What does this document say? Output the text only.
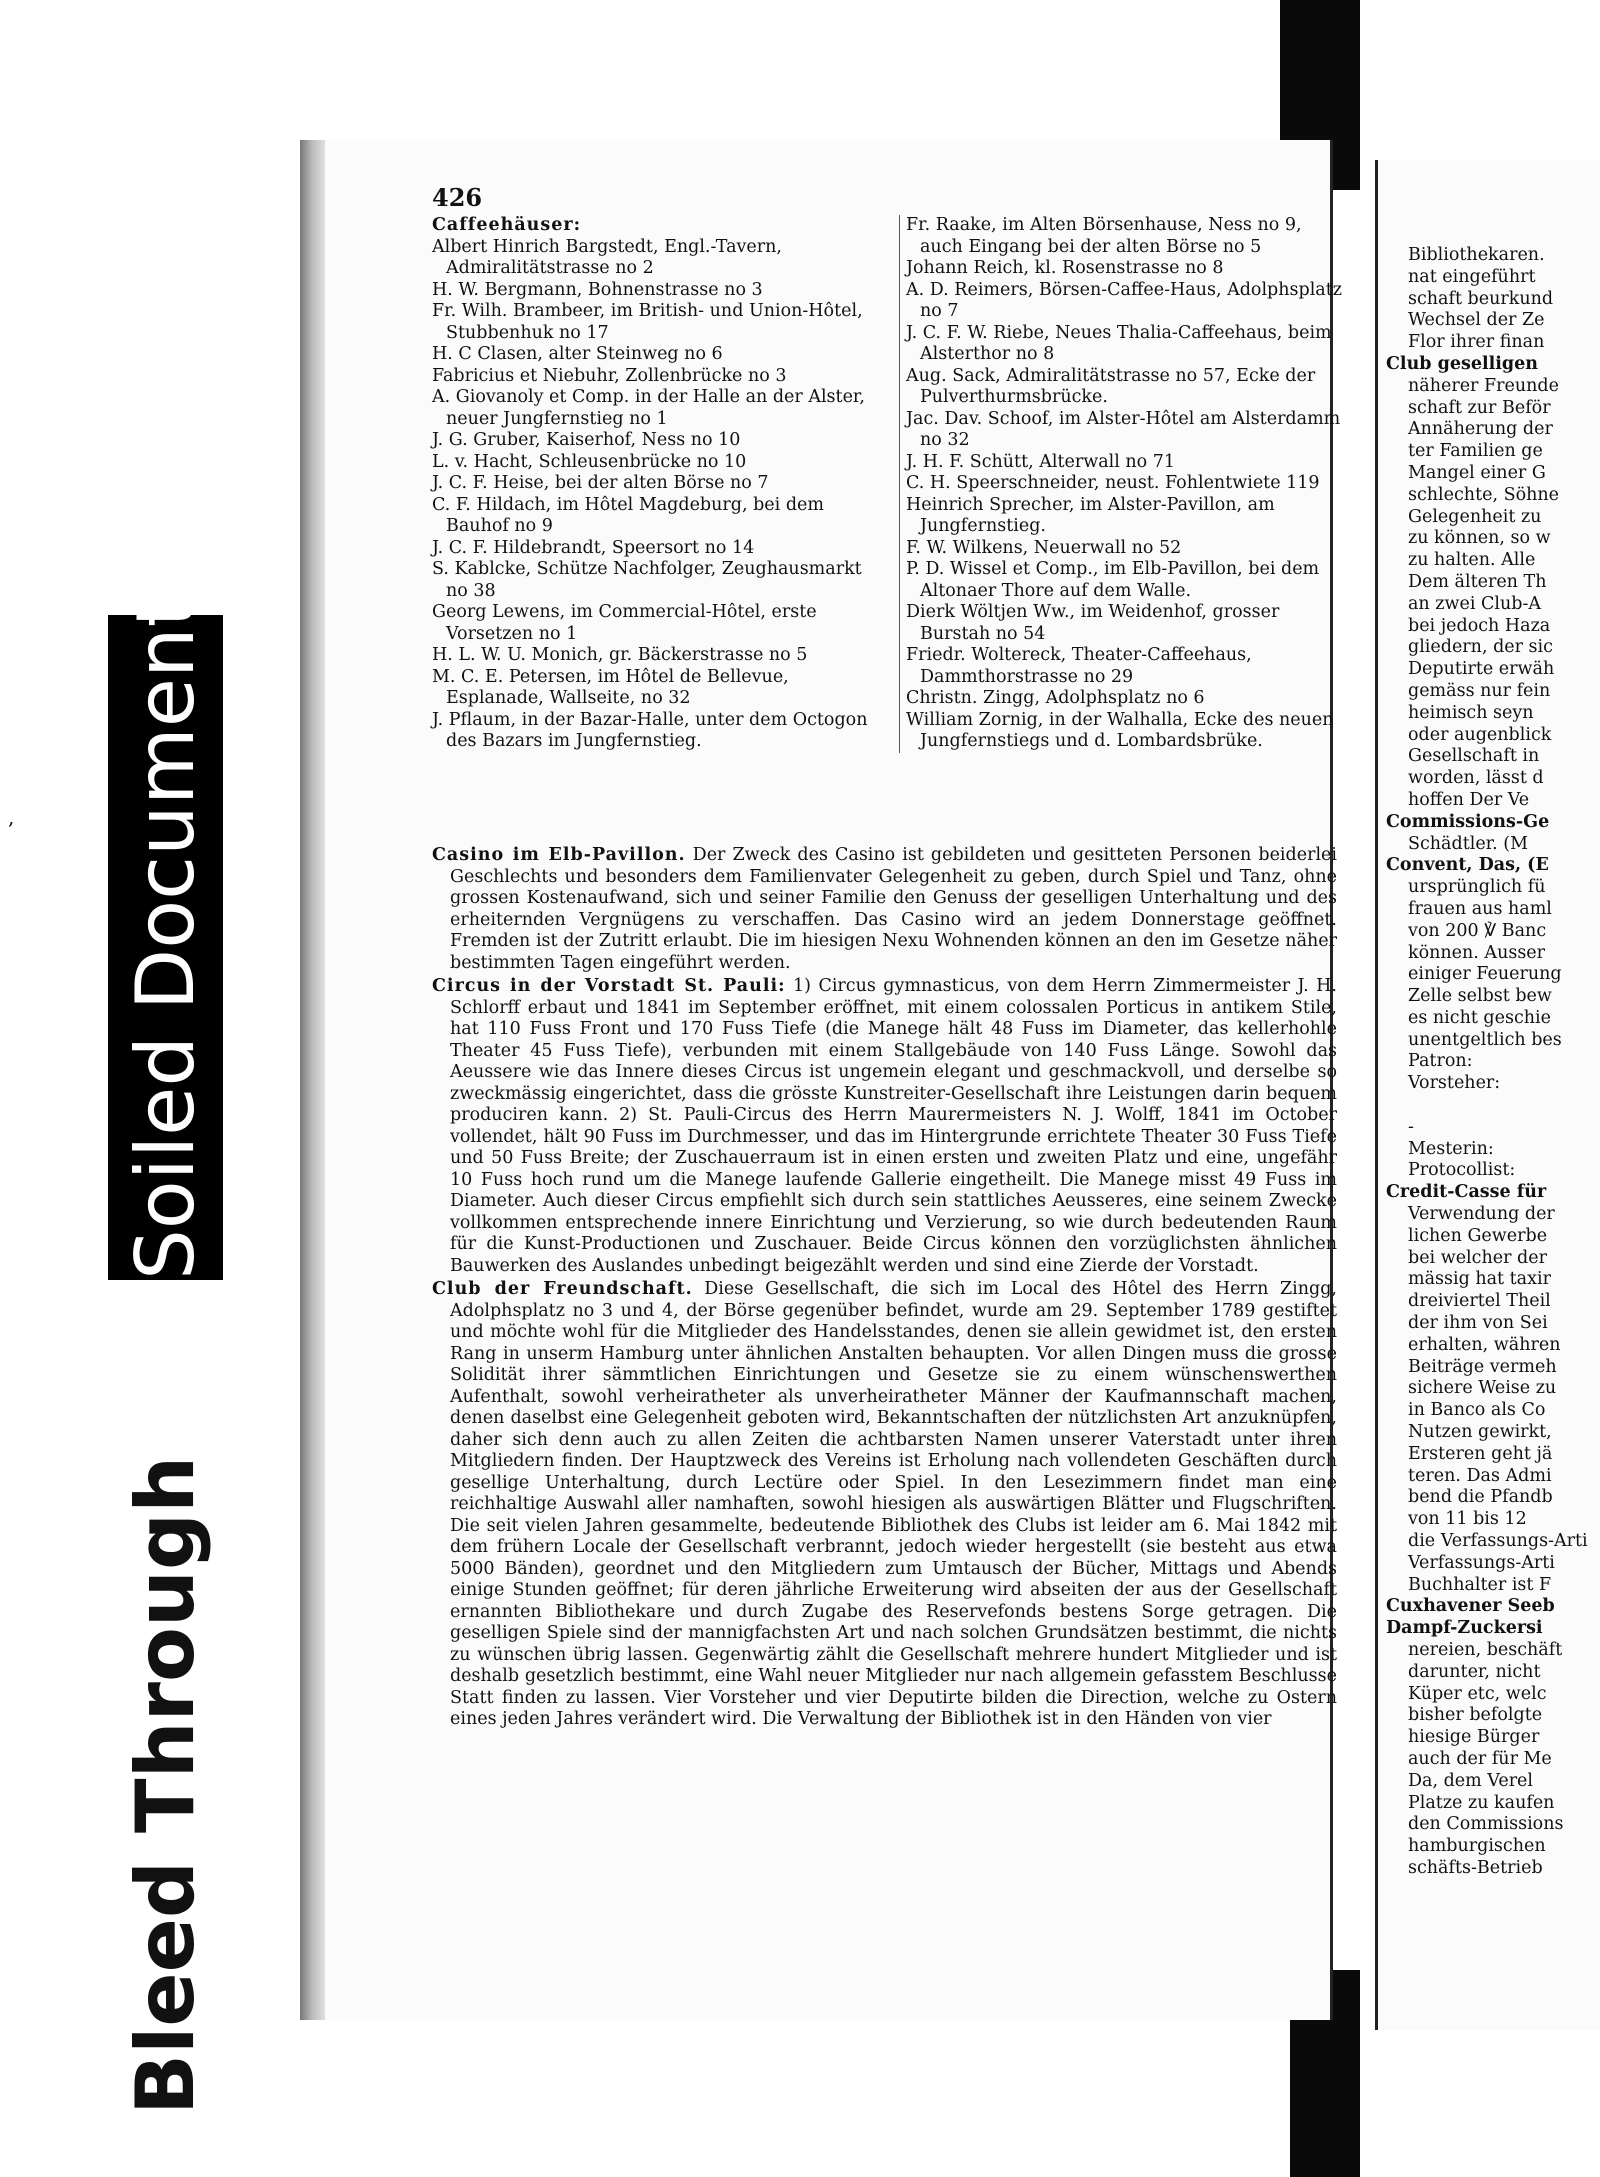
Bleed Through
Soiled Document
426
Caffeehäuser:
Albert Hinrich Bargstedt, Engl.-Tavern, Admiralitätstrasse no 2
H. W. Bergmann, Bohnenstrasse no 3
Fr. Wilh. Brambeer, im British- und Union-Hôtel, Stubbenhuk no 17
H. C Clasen, alter Steinweg no 6
Fabricius et Niebuhr, Zollenbrücke no 3
A. Giovanoly et Comp. in der Halle an der Alster, neuer Jungfernstieg no 1
J. G. Gruber, Kaiserhof, Ness no 10
L. v. Hacht, Schleusenbrücke no 10
J. C. F. Heise, bei der alten Börse no 7
C. F. Hildach, im Hôtel Magdeburg, bei dem Bauhof no 9
J. C. F. Hildebrandt, Speersort no 14
S. Kablcke, Schütze Nachfolger, Zeughausmarkt no 38
Georg Lewens, im Commercial-Hôtel, erste Vorsetzen no 1
H. L. W. U. Monich, gr. Bäckerstrasse no 5
M. C. E. Petersen, im Hôtel de Bellevue, Esplanade, Wallseite, no 32
J. Pflaum, in der Bazar-Halle, unter dem Octogon des Bazars im Jungfernstieg.
Fr. Raake, im Alten Börsenhause, Ness no 9, auch Eingang bei der alten Börse no 5
Johann Reich, kl. Rosenstrasse no 8
A. D. Reimers, Börsen-Caffee-Haus, Adolphsplatz no 7
J. C. F. W. Riebe, Neues Thalia-Caffeehaus, beim Alsterthor no 8
Aug. Sack, Admiralitätstrasse no 57, Ecke der Pulverthurmsbrücke.
Jac. Dav. Schoof, im Alster-Hôtel am Alsterdamm no 32
J. H. F. Schütt, Alterwall no 71
C. H. Speerschneider, neust. Fohlentwiete 119
Heinrich Sprecher, im Alster-Pavillon, am Jungfernstieg.
F. W. Wilkens, Neuerwall no 52
P. D. Wissel et Comp., im Elb-Pavillon, bei dem Altonaer Thore auf dem Walle.
Dierk Wöltjen Ww., im Weidenhof, grosser Burstah no 54
Friedr. Woltereck, Theater-Caffeehaus, Dammthorstrasse no 29
Christn. Zingg, Adolphsplatz no 6
William Zornig, in der Walhalla, Ecke des neuen Jungfernstiegs und d. Lombardsbrüke.
Casino im Elb-Pavillon. Der Zweck des Casino ist gebildeten und gesitteten Personen beiderlei Geschlechts und besonders dem Familienvater Gelegenheit zu geben, durch Spiel und Tanz, ohne grossen Kostenaufwand, sich und seiner Familie den Genuss der geselligen Unterhaltung und des erheiternden Vergnügens zu verschaffen. Das Casino wird an jedem Donnerstage geöffnet. Fremden ist der Zutritt erlaubt. Die im hiesigen Nexu Wohnenden können an den im Gesetze näher bestimmten Tagen eingeführt werden.
Circus in der Vorstadt St. Pauli: 1) Circus gymnasticus, von dem Herrn Zimmermeister J. H. Schlorff erbaut und 1841 im September eröffnet, mit einem colossalen Porticus in antikem Stile, hat 110 Fuss Front und 170 Fuss Tiefe (die Manege hält 48 Fuss im Diameter, das kellerhohle Theater 45 Fuss Tiefe), verbunden mit einem Stallgebäude von 140 Fuss Länge. Sowohl das Aeussere wie das Innere dieses Circus ist ungemein elegant und geschmackvoll, und derselbe so zweckmässig eingerichtet, dass die grösste Kunstreiter-Gesellschaft ihre Leistungen darin bequem produciren kann. 2) St. Pauli-Circus des Herrn Maurermeisters N. J. Wolff, 1841 im October vollendet, hält 90 Fuss im Durchmesser, und das im Hintergrunde errichtete Theater 30 Fuss Tiefe und 50 Fuss Breite; der Zuschauerraum ist in einen ersten und zweiten Platz und eine, ungefähr 10 Fuss hoch rund um die Manege laufende Gallerie eingetheilt. Die Manege misst 49 Fuss im Diameter. Auch dieser Circus empfiehlt sich durch sein stattliches Aeusseres, eine seinem Zwecke vollkommen entsprechende innere Einrichtung und Verzierung, so wie durch bedeutenden Raum für die Kunst-Productionen und Zuschauer. Beide Circus können den vorzüglichsten ähnlichen Bauwerken des Auslandes unbedingt beigezählt werden und sind eine Zierde der Vorstadt.
Club der Freundschaft. Diese Gesellschaft, die sich im Local des Hôtel des Herrn Zingg, Adolphsplatz no 3 und 4, der Börse gegenüber befindet, wurde am 29. September 1789 gestiftet und möchte wohl für die Mitglieder des Handelsstandes, denen sie allein gewidmet ist, den ersten Rang in unserm Hamburg unter ähnlichen Anstalten behaupten. Vor allen Dingen muss die grosse Solidität ihrer sämmtlichen Einrichtungen und Gesetze sie zu einem wünschenswerthen Aufenthalt, sowohl verheiratheter als unverheiratheter Männer der Kaufmannschaft machen, denen daselbst eine Gelegenheit geboten wird, Bekanntschaften der nützlichsten Art anzuknüpfen, daher sich denn auch zu allen Zeiten die achtbarsten Namen unserer Vaterstadt unter ihren Mitgliedern finden. Der Hauptzweck des Vereins ist Erholung nach vollendeten Geschäften durch gesellige Unterhaltung, durch Lectüre oder Spiel. In den Lesezimmern findet man eine reichhaltige Auswahl aller namhaften, sowohl hiesigen als auswärtigen Blätter und Flugschriften. Die seit vielen Jahren gesammelte, bedeutende Bibliothek des Clubs ist leider am 6. Mai 1842 mit dem frühern Locale der Gesellschaft verbrannt, jedoch wieder hergestellt (sie besteht aus etwa 5000 Bänden), geordnet und den Mitgliedern zum Umtausch der Bücher, Mittags und Abends einige Stunden geöffnet; für deren jährliche Erweiterung wird abseiten der aus der Gesellschaft ernannten Bibliothekare und durch Zugabe des Reservefonds bestens Sorge getragen. Die geselligen Spiele sind der mannigfachsten Art und nach solchen Grundsätzen bestimmt, die nichts zu wünschen übrig lassen. Gegenwärtig zählt die Gesellschaft mehrere hundert Mitglieder und ist deshalb gesetzlich bestimmt, eine Wahl neuer Mitglieder nur nach allgemein gefasstem Beschlusse Statt finden zu lassen. Vier Vorsteher und vier Deputirte bilden die Direction, welche zu Ostern eines jeden Jahres verändert wird. Die Verwaltung der Bibliothek ist in den Händen von vier
Bibliothekaren.
nat eingeführt
schaft beurkund
Wechsel der Ze
Flor ihrer finan
Club geselligen
näherer Freunde
schaft zur Beför
Annäherung der
ter Familien ge
Mangel einer G
schlechte, Söhne
Gelegenheit zu
zu können, so w
zu halten. Alle
Dem älteren Th
an zwei Club-A
bei jedoch Haza
gliedern, der sic
Deputirte erwäh
gemäss nur fein
heimisch seyn
oder augenblick
Gesellschaft in
worden, lässt d
hoffen Der Ve
Commissions-Ge
Schädtler. (M
Convent, Das, (E
ursprünglich fü
frauen aus haml
von 200 ℣ Banc
können. Ausser
einiger Feuerung
Zelle selbst bew
es nicht geschie
unentgeltlich bes
Patron:
Vorsteher:

-
Mesterin:
Protocollist:
Credit-Casse für
Verwendung der
lichen Gewerbe
bei welcher der
mässig hat taxir
dreiviertel Theil
der ihm von Sei
erhalten, währen
Beiträge vermeh
sichere Weise zu
in Banco als Co
Nutzen gewirkt,
Ersteren geht jä
teren. Das Admi
bend die Pfandb
von 11 bis 12
die Verfassungs-Arti
Verfassungs-Arti
Buchhalter ist F
Cuxhavener Seeb
Dampf-Zuckersi
nereien, beschäft
darunter, nicht
Küper etc, welc
bisher befolgte
hiesige Bürger
auch der für Me
Da, dem Verel
Platze zu kaufen
den Commissions
hamburgischen
schäfts-Betrieb
,
